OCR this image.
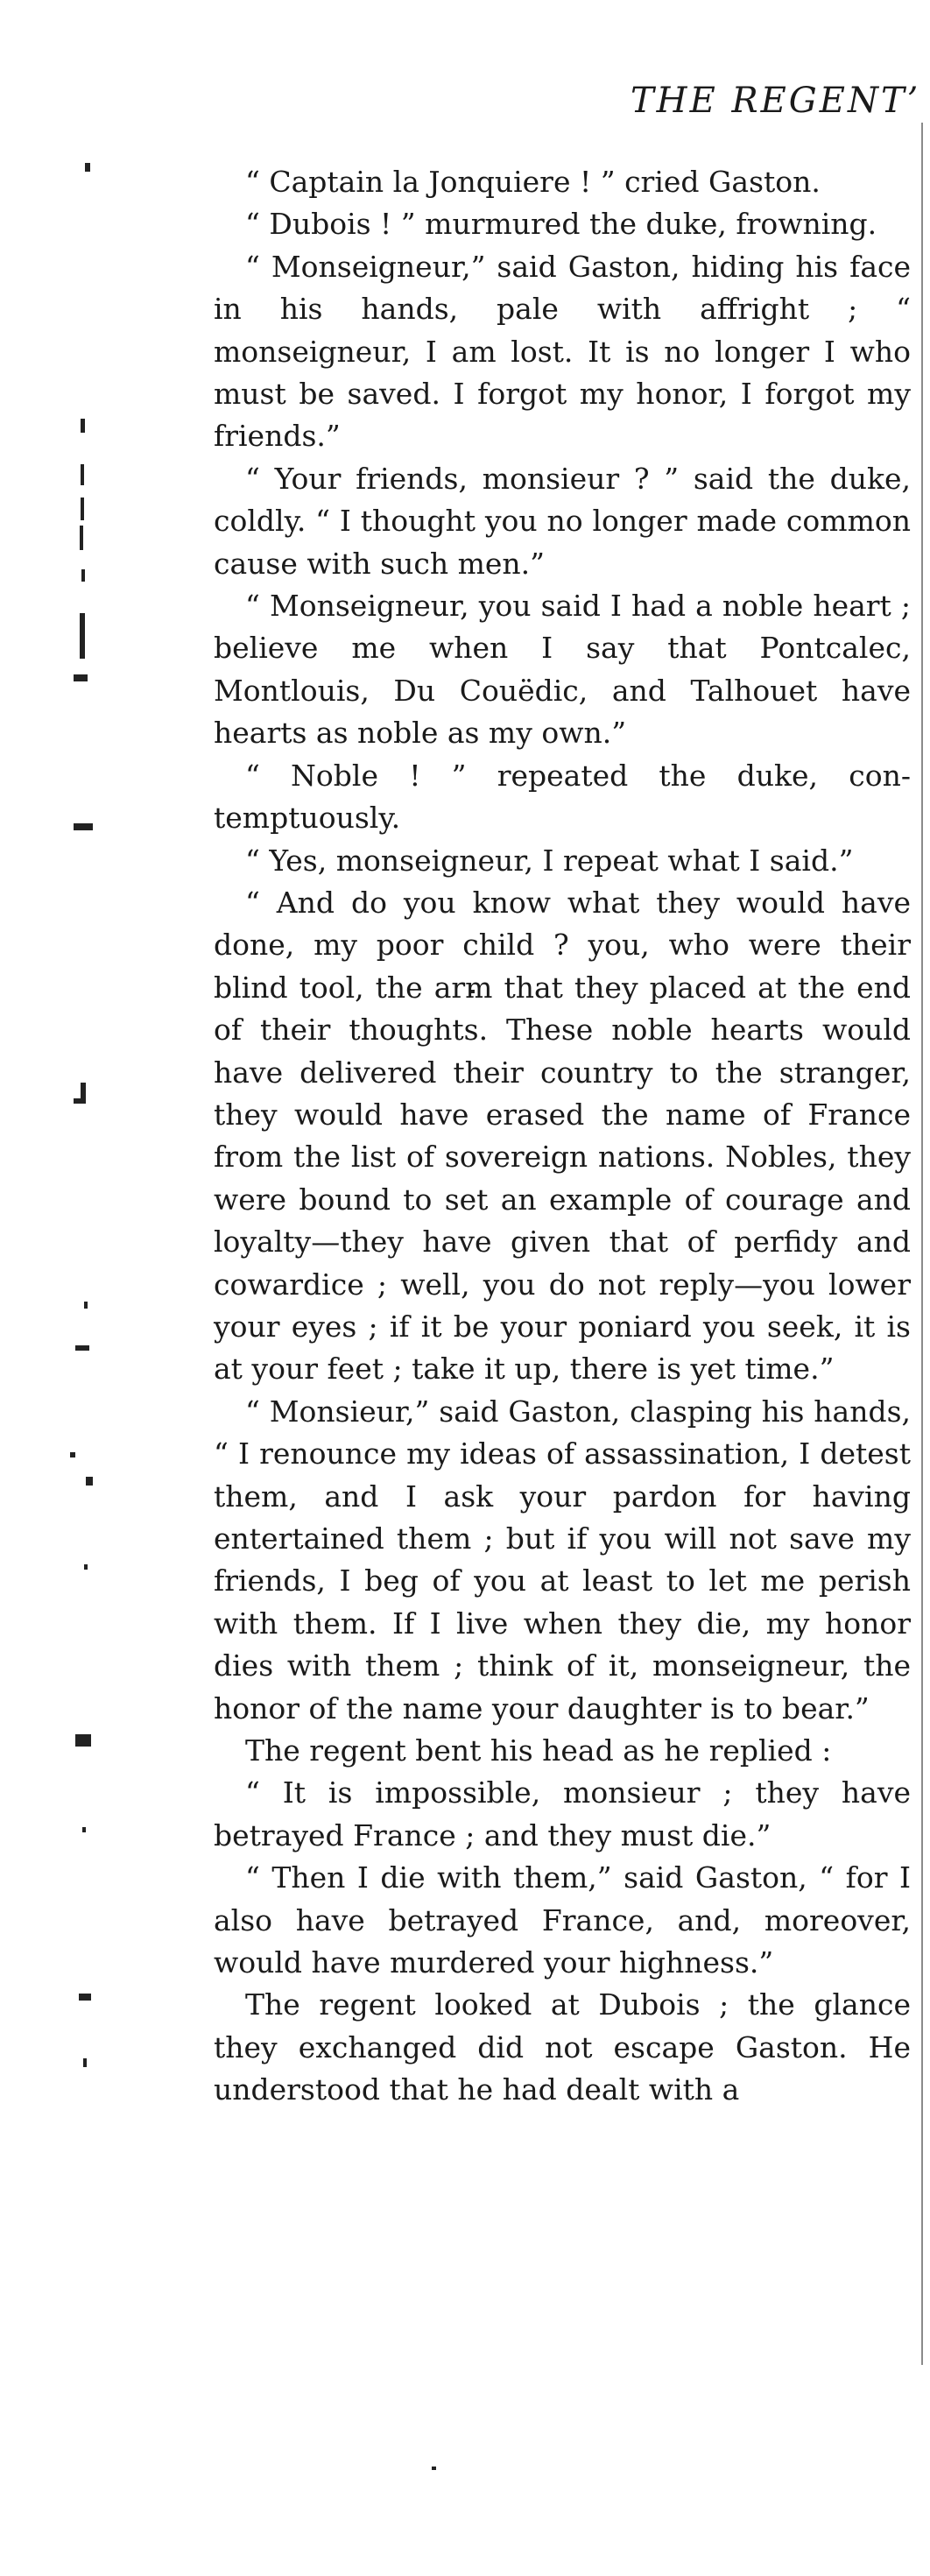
THE REGENT’

“ Captain la Jonquiere ! ” cried Gaston.

“ Dubois ! ” murmured the duke, frowning.

“ Monseigneur,” said Gaston, hiding his face in his hands, pale with affright ; “ monseigneur, I am lost. It is no longer I who must be saved. I forgot my honor, I forgot my friends.”

“ Your friends, monsieur ? ” said the duke, coldly. “ I thought you no longer made common cause with such men.”

“ Monseigneur, you said I had a noble heart ; believe me when I say that Pontcalec, Montlouis, Du Couëdic, and Talhouet have hearts as noble as my own.”

“ Noble ! ” repeated the duke, contemptuously.

“ Yes, monseigneur, I repeat what I said.”

“ And do you know what they would have done, my poor child ? you, who were their blind tool, the arm that they placed at the end of their thoughts. These noble hearts would have delivered their country to the stranger, they would have erased the name of France from the list of sovereign nations. Nobles, they were bound to set an example of courage and loyalty—they have given that of perfidy and cowardice ; well, you do not reply—you lower your eyes ; if it be your poniard you seek, it is at your feet ; take it up, there is yet time.”

“ Monsieur,” said Gaston, clasping his hands, “ I renounce my ideas of assassination, I detest them, and I ask your pardon for having entertained them ; but if you will not save my friends, I beg of you at least to let me perish with them. If I live when they die, my honor dies with them ; think of it, monseigneur, the honor of the name your daughter is to bear.”

The regent bent his head as he replied :

“ It is impossible, monsieur ; they have betrayed France ; and they must die.”

“ Then I die with them,” said Gaston, “ for I also have betrayed France, and, moreover, would have murdered your highness.”

The regent looked at Dubois ; the glance they exchanged did not escape Gaston. He understood that he had dealt with a
